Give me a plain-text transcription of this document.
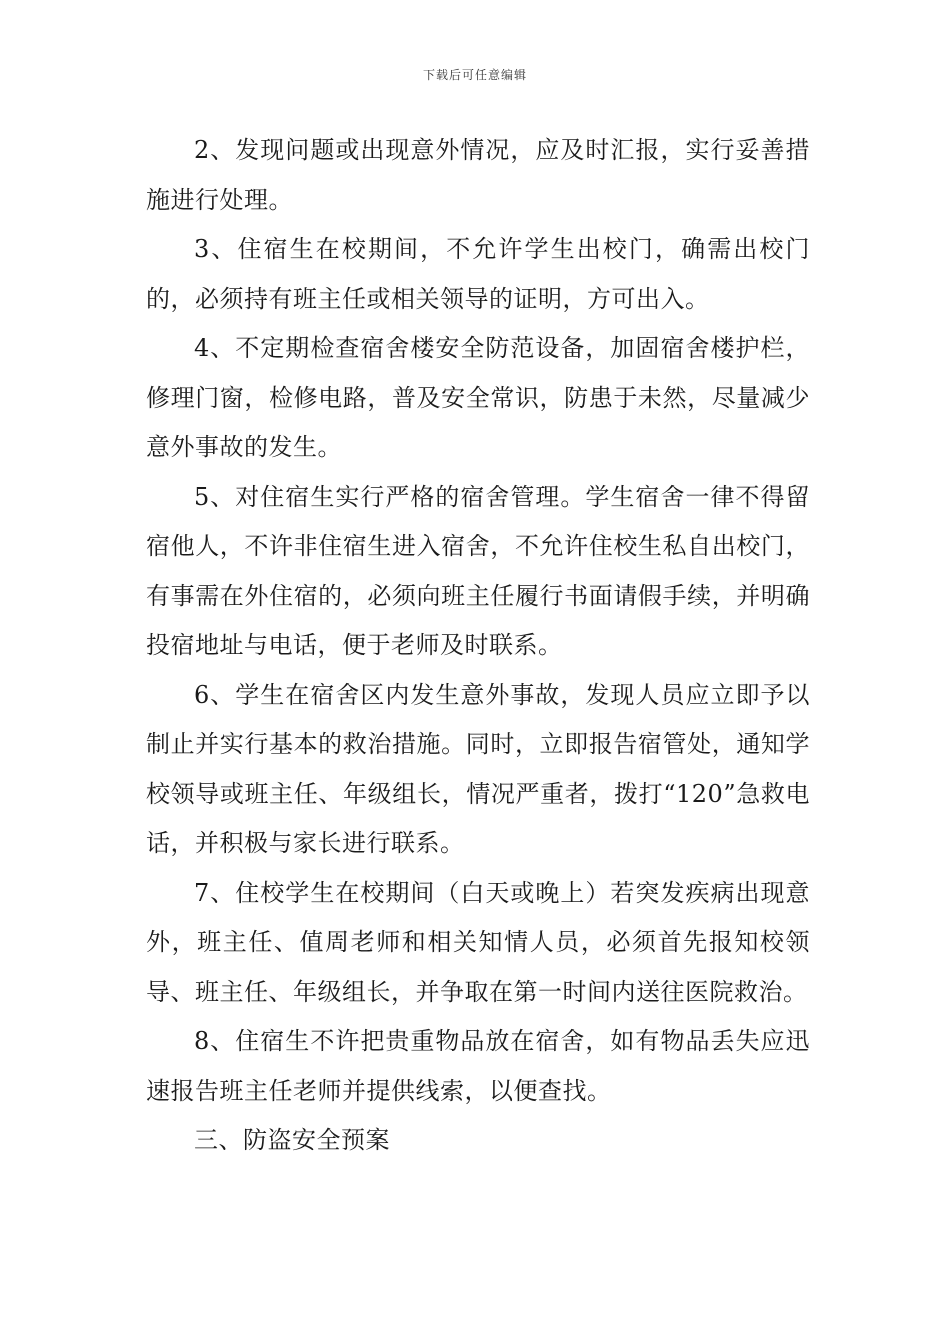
下载后可任意编辑

2、发现问题或出现意外情况，应及时汇报，实行妥善措施进行处理。

3、住宿生在校期间，不允许学生出校门，确需出校门的，必须持有班主任或相关领导的证明，方可出入。

4、不定期检查宿舍楼安全防范设备，加固宿舍楼护栏，修理门窗，检修电路，普及安全常识，防患于未然，尽量减少意外事故的发生。

5、对住宿生实行严格的宿舍管理。学生宿舍一律不得留宿他人，不许非住宿生进入宿舍，不允许住校生私自出校门，有事需在外住宿的，必须向班主任履行书面请假手续，并明确投宿地址与电话，便于老师及时联系。

6、学生在宿舍区内发生意外事故，发现人员应立即予以制止并实行基本的救治措施。同时，立即报告宿管处，通知学校领导或班主任、年级组长，情况严重者，拨打“120”急救电话，并积极与家长进行联系。

7、住校学生在校期间（白天或晚上）若突发疾病出现意外，班主任、值周老师和相关知情人员，必须首先报知校领导、班主任、年级组长，并争取在第一时间内送往医院救治。

8、住宿生不许把贵重物品放在宿舍，如有物品丢失应迅速报告班主任老师并提供线索，以便查找。

三、防盗安全预案
